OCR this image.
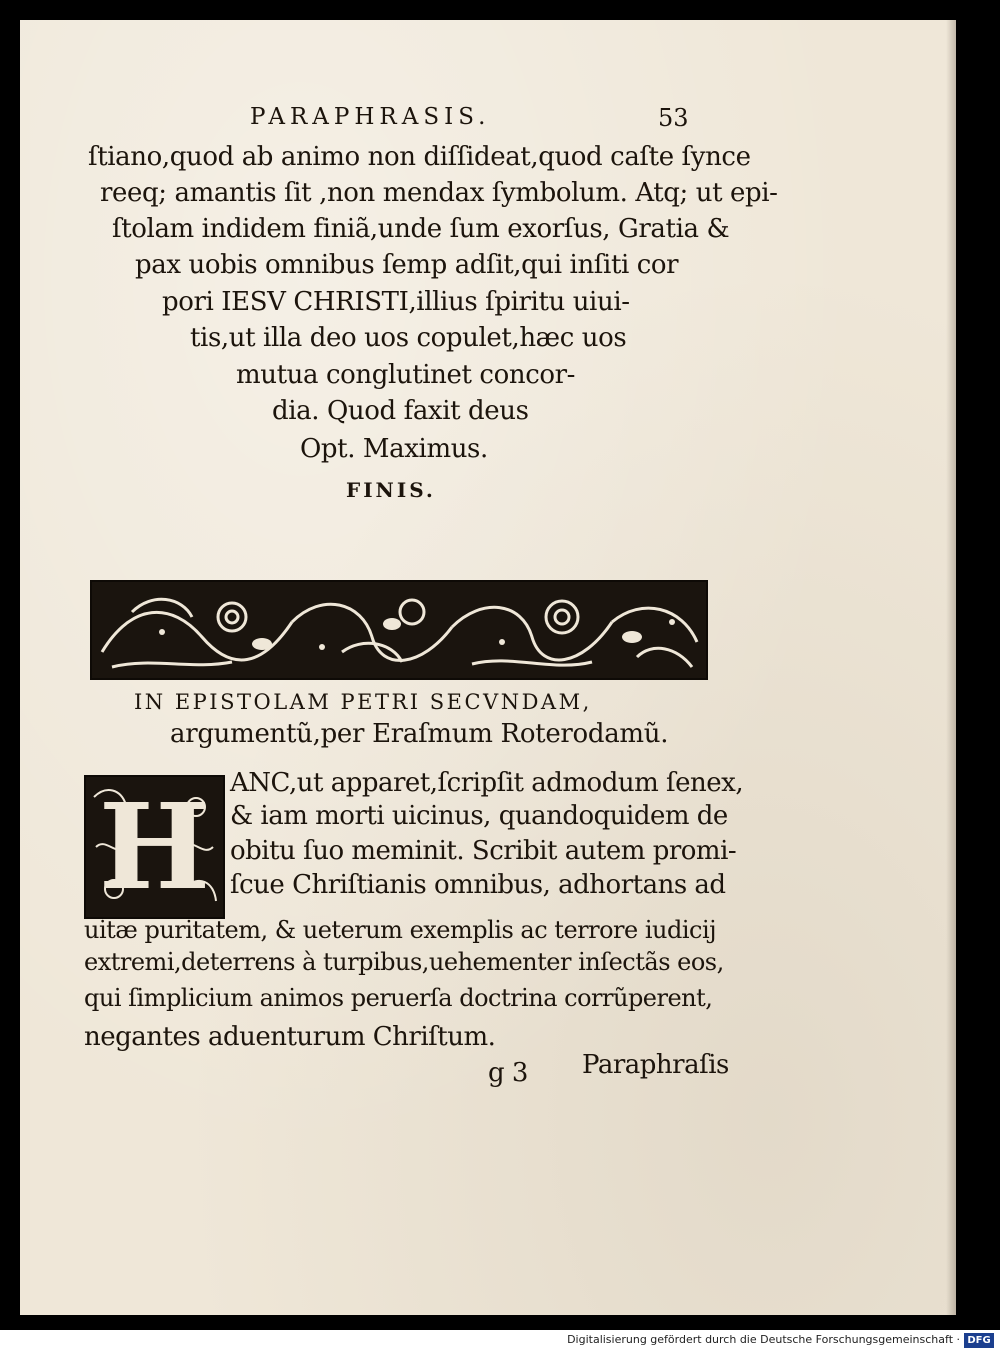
PARAPHRASIS.	53
ſtiano,quod ab animo non diſſideat,quod caſte ſynce
reeq; amantis ſit ,non mendax ſymbolum. Atq; ut epi-
ſtolam indidem finiã,unde ſum exorſus, Gratia &
pax uobis omnibus ſemp adſit,qui inſiti cor
pori IESV CHRISTI,illius ſpiritu uiui-
tis,ut illa deo uos copulet,hæc uos
mutua conglutinet concor-
dia. Quod faxit deus
Opt. Maximus.
FINIS.
IN EPISTOLAM PETRI SECVNDAM,
argumentũ,per Eraſmum Roterodamũ.
H ANC,ut apparet,ſcripſit admodum ſenex,
& iam morti uicinus, quandoquidem de
obitu ſuo meminit. Scribit autem promi-
ſcue Chriſtianis omnibus, adhortans ad
uitæ puritatem, & ueterum exemplis ac terrore iudicij
extremi,deterrens à turpibus,uehementer inſectãs eos,
qui ſimplicium animos peruerſa doctrina corrũperent,
negantes aduenturum Chriſtum.
g 3 Paraphraſis
Digitalisierung gefördert durch die Deutsche Forschungsgemeinschaft · DFG
